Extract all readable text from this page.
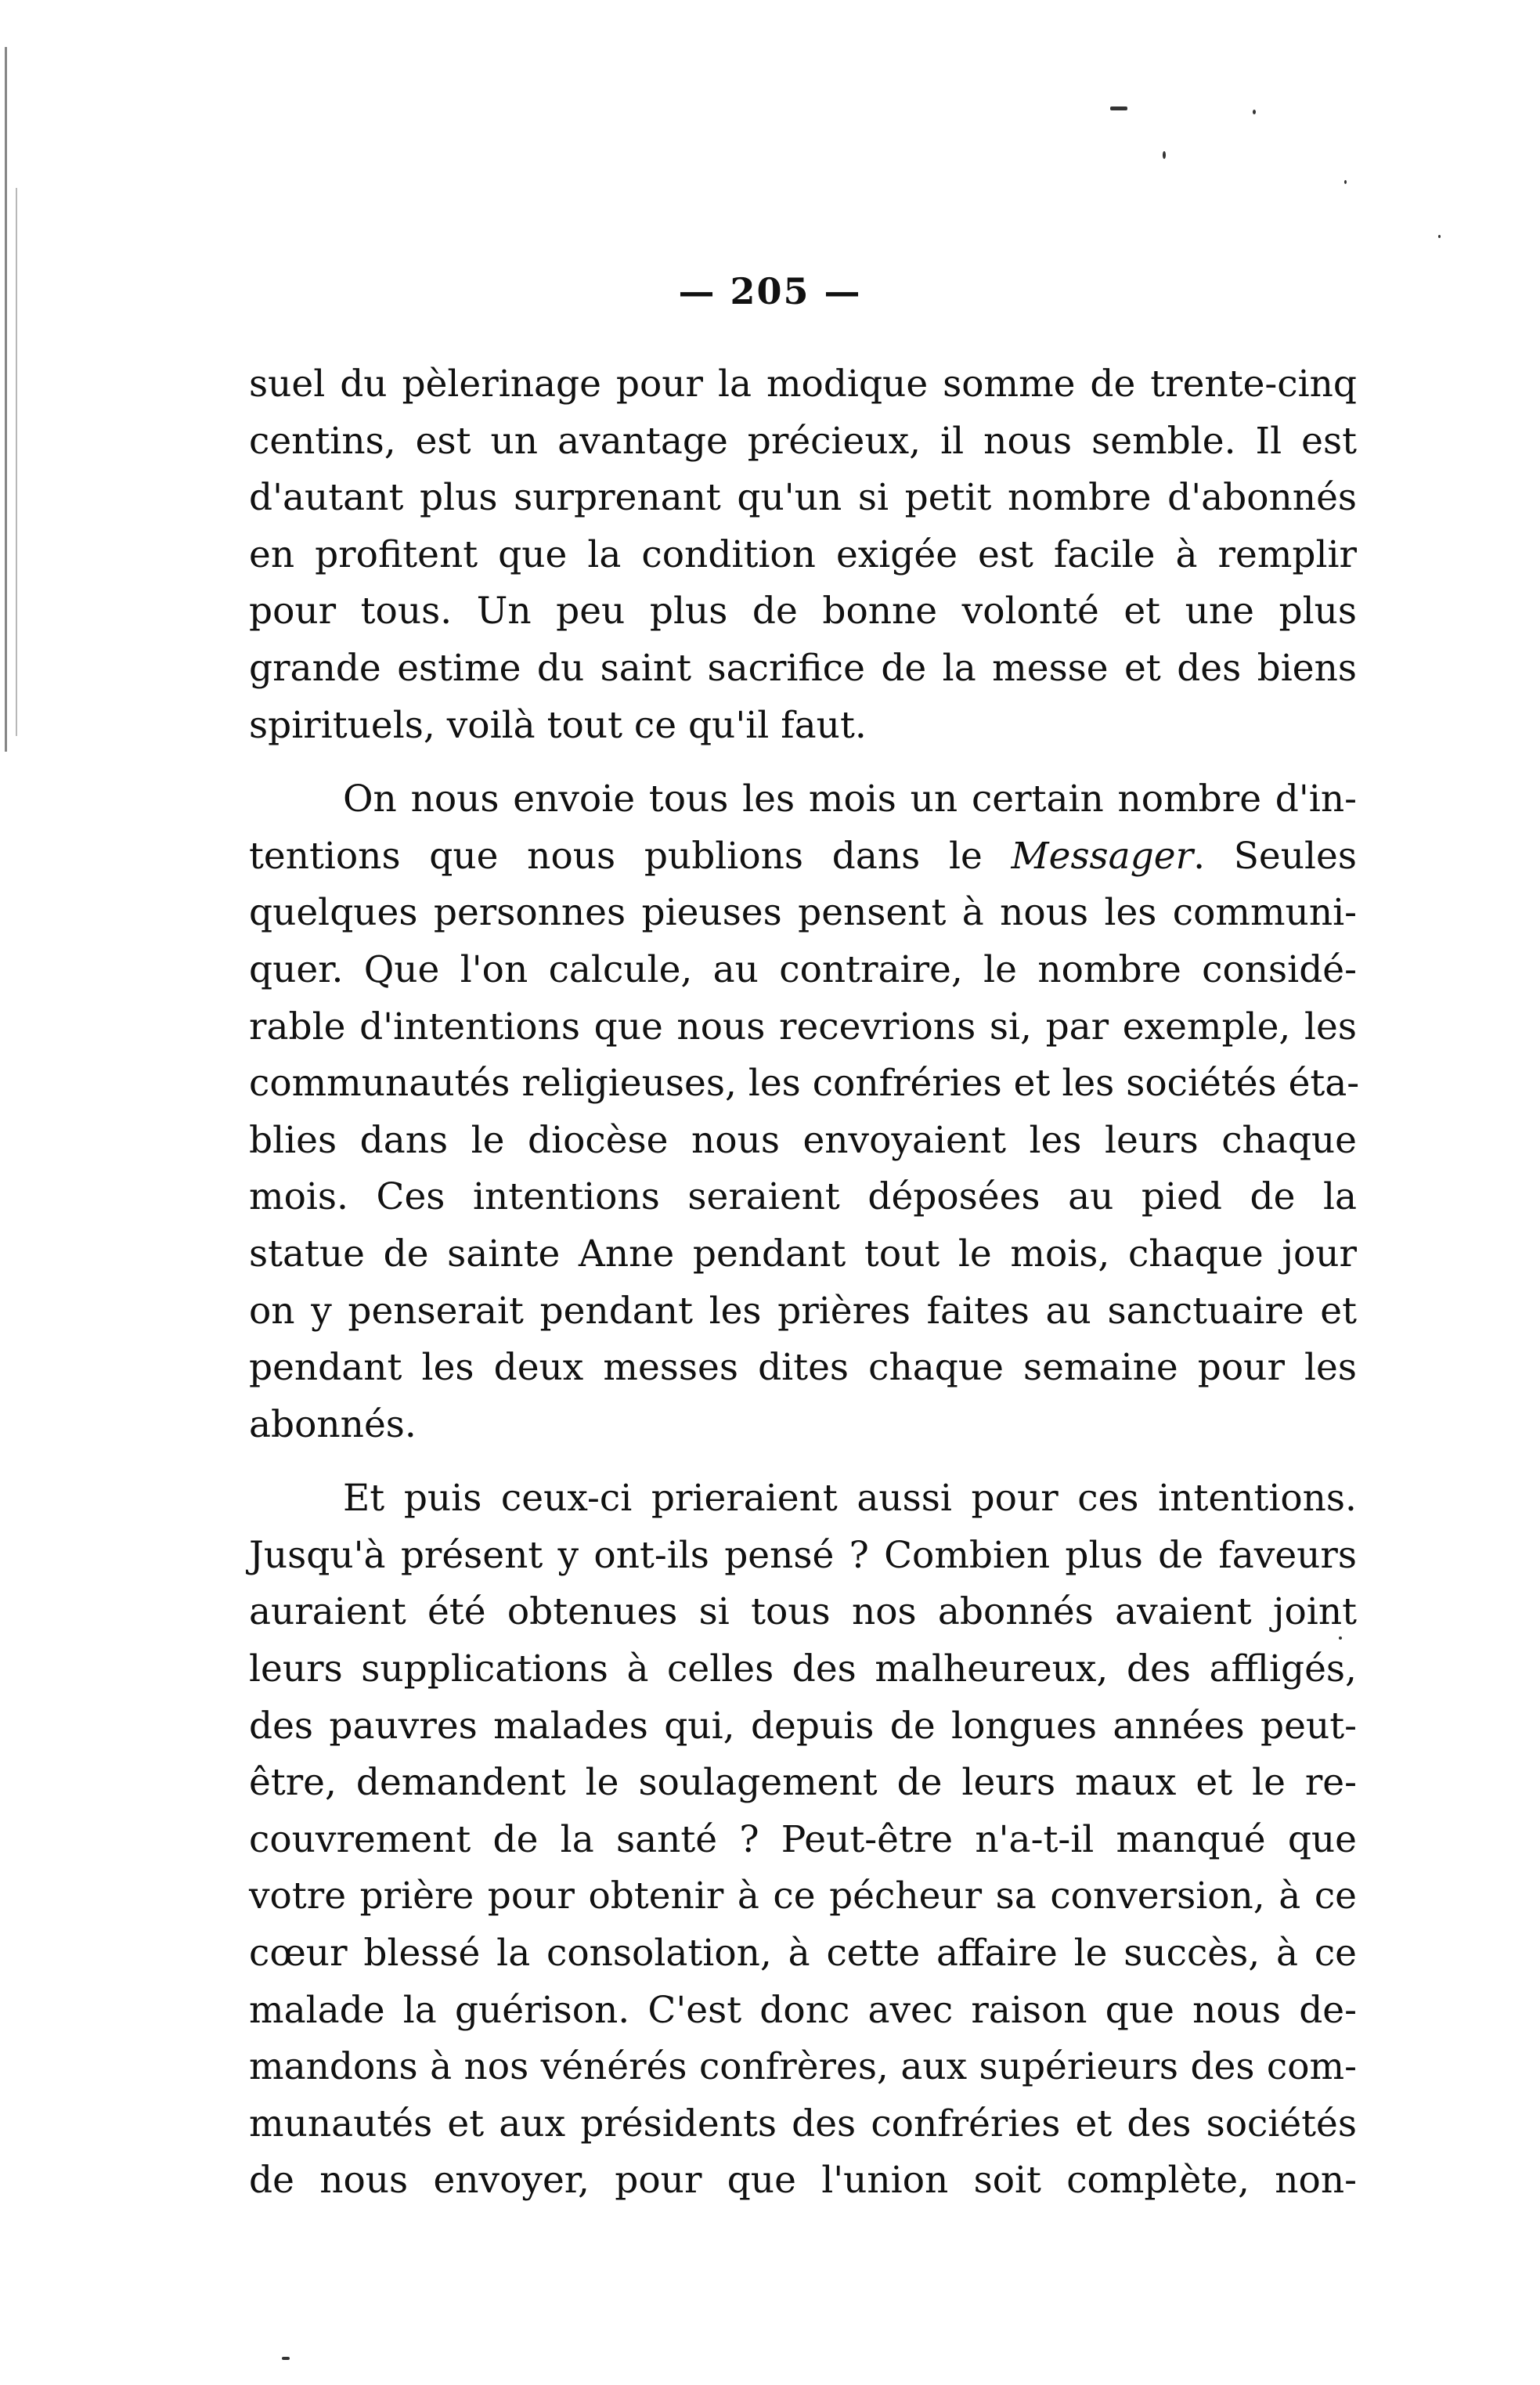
— 205 —
suel du pèlerinage pour la modique somme de trente-cinq
centins, est un avantage précieux, il nous semble. Il est
d'autant plus surprenant qu'un si petit nombre d'abonnés
en profitent que la condition exigée est facile à remplir
pour tous. Un peu plus de bonne volonté et une plus
grande estime du saint sacrifice de la messe et des biens
spirituels, voilà tout ce qu'il faut.
On nous envoie tous les mois un certain nombre d'in-
tentions que nous publions dans le Messager. Seules
quelques personnes pieuses pensent à nous les communi-
quer. Que l'on calcule, au contraire, le nombre considé-
rable d'intentions que nous recevrions si, par exemple, les
communautés religieuses, les confréries et les sociétés éta-
blies dans le diocèse nous envoyaient les leurs chaque
mois. Ces intentions seraient déposées au pied de la
statue de sainte Anne pendant tout le mois, chaque jour
on y penserait pendant les prières faites au sanctuaire et
pendant les deux messes dites chaque semaine pour les
abonnés.
Et puis ceux-ci prieraient aussi pour ces intentions.
Jusqu'à présent y ont-ils pensé ? Combien plus de faveurs
auraient été obtenues si tous nos abonnés avaient joint
leurs supplications à celles des malheureux, des affligés,
des pauvres malades qui, depuis de longues années peut-
être, demandent le soulagement de leurs maux et le re-
couvrement de la santé ? Peut-être n'a-t-il manqué que
votre prière pour obtenir à ce pécheur sa conversion, à ce
cœur blessé la consolation, à cette affaire le succès, à ce
malade la guérison. C'est donc avec raison que nous de-
mandons à nos vénérés confrères, aux supérieurs des com-
munautés et aux présidents des confréries et des sociétés
de nous envoyer, pour que l'union soit complète, non-
